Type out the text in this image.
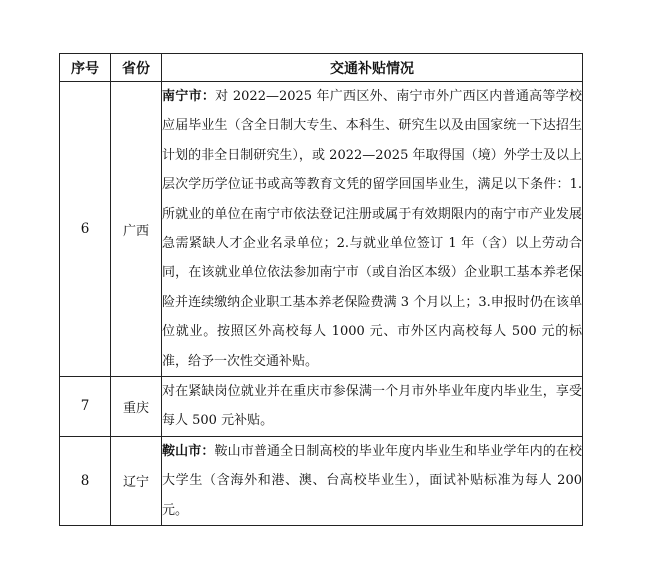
序号	省份	交通补贴情况
6	广西	南宁市：对 2022—2025 年广西区外、南宁市外广西区内普通高等学校应届毕业生（含全日制大专生、本科生、研究生以及由国家统一下达招生计划的非全日制研究生），或 2022—2025 年取得国（境）外学士及以上层次学历学位证书或高等教育文凭的留学回国毕业生，满足以下条件：1.所就业的单位在南宁市依法登记注册或属于有效期限内的南宁市产业发展急需紧缺人才企业名录单位；2.与就业单位签订 1 年（含）以上劳动合同，在该就业单位依法参加南宁市（或自治区本级）企业职工基本养老保险并连续缴纳企业职工基本养老保险费满 3 个月以上；3.申报时仍在该单位就业。按照区外高校每人 1000 元、市外区内高校每人 500 元的标准，给予一次性交通补贴。
7	重庆	对在紧缺岗位就业并在重庆市参保满一个月市外毕业年度内毕业生，享受每人 500 元补贴。
8	辽宁	鞍山市：鞍山市普通全日制高校的毕业年度内毕业生和毕业学年内的在校大学生（含海外和港、澳、台高校毕业生），面试补贴标准为每人 200 元。
